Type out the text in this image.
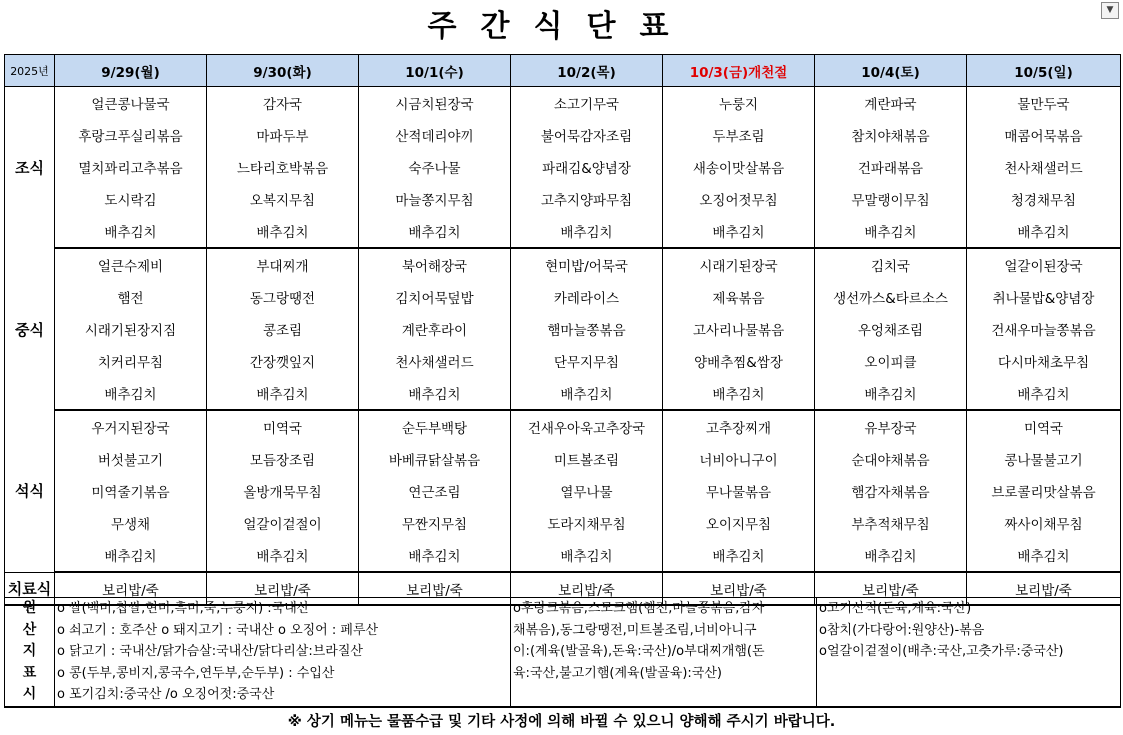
주간식단표	▼
2025년	9/29(월)	9/30(화)	10/1(수)	10/2(목)	10/3(금)개천절	10/4(토)	10/5(일)
조식	얼큰콩나물국	감자국	시금치된장국	소고기무국	누룽지	계란파국	물만두국
	후랑크푸실리볶음	마파두부	산적데리야끼	불어묵감자조림	두부조림	참치야채볶음	매콤어묵볶음
	멸치꽈리고추볶음	느타리호박볶음	숙주나물	파래김&양념장	새송이맛살볶음	건파래볶음	천사채샐러드
	도시락김	오복지무침	마늘쫑지무침	고추지양파무침	오징어젓무침	무말랭이무침	청경채무침
	배추김치	배추김치	배추김치	배추김치	배추김치	배추김치	배추김치
중식	얼큰수제비	부대찌개	북어해장국	현미밥/어묵국	시래기된장국	김치국	얼갈이된장국
	햄전	동그랑땡전	김치어묵덮밥	카레라이스	제육볶음	생선까스&타르소스	취나물밥&양념장
	시래기된장지짐	콩조림	계란후라이	햄마늘쫑볶음	고사리나물볶음	우엉채조림	건새우마늘쫑볶음
	치커리무침	간장깻잎지	천사채샐러드	단무지무침	양배추찜&쌈장	오이피클	다시마채초무침
	배추김치	배추김치	배추김치	배추김치	배추김치	배추김치	배추김치
석식	우거지된장국	미역국	순두부백탕	건새우아욱고추장국	고추장찌개	유부장국	미역국
	버섯불고기	모듬장조림	바베큐닭살볶음	미트볼조림	너비아니구이	순대야채볶음	콩나물불고기
	미역줄기볶음	올방개묵무침	연근조림	열무나물	무나물볶음	햄감자채볶음	브로콜리맛살볶음
	무생채	얼갈이겉절이	무짠지무침	도라지채무침	오이지무침	부추적채무침	짜사이채무침
	배추김치	배추김치	배추김치	배추김치	배추김치	배추김치	배추김치
치료식	보리밥/죽	보리밥/죽	보리밥/죽	보리밥/죽	보리밥/죽	보리밥/죽	보리밥/죽
원
산
지
표
시

o 쌀(백미,찹쌀,현미,흑미,죽,누룽지) :국내산
o 쇠고기 : 호주산 o 돼지고기 : 국내산 o 오징어 : 페루산
o 닭고기 : 국내산/닭가슴살:국내산/닭다리살:브라질산
o 콩(두부,콩비지,콩국수,연두부,순두부) : 수입산
o 포기김치:중국산 /o 오징어젓:중국산

o후랑크볶음,스모크햄(햄전,마늘쫑볶음,감자
채볶음),동그랑땡전,미트볼조림,너비아니구
이:(계육(발골육),돈육:국산)/o부대찌개햄(돈
육:국산,불고기햄(계육(발골육):국산)

o고기산적(돈육,계육:국산)
o참치(가다랑어:원양산)-볶음
o얼갈이겉절이(배추:국산,고춧가루:중국산)
※ 상기 메뉴는 물품수급 및 기타 사정에 의해 바뀔 수 있으니 양해해 주시기 바랍니다.
